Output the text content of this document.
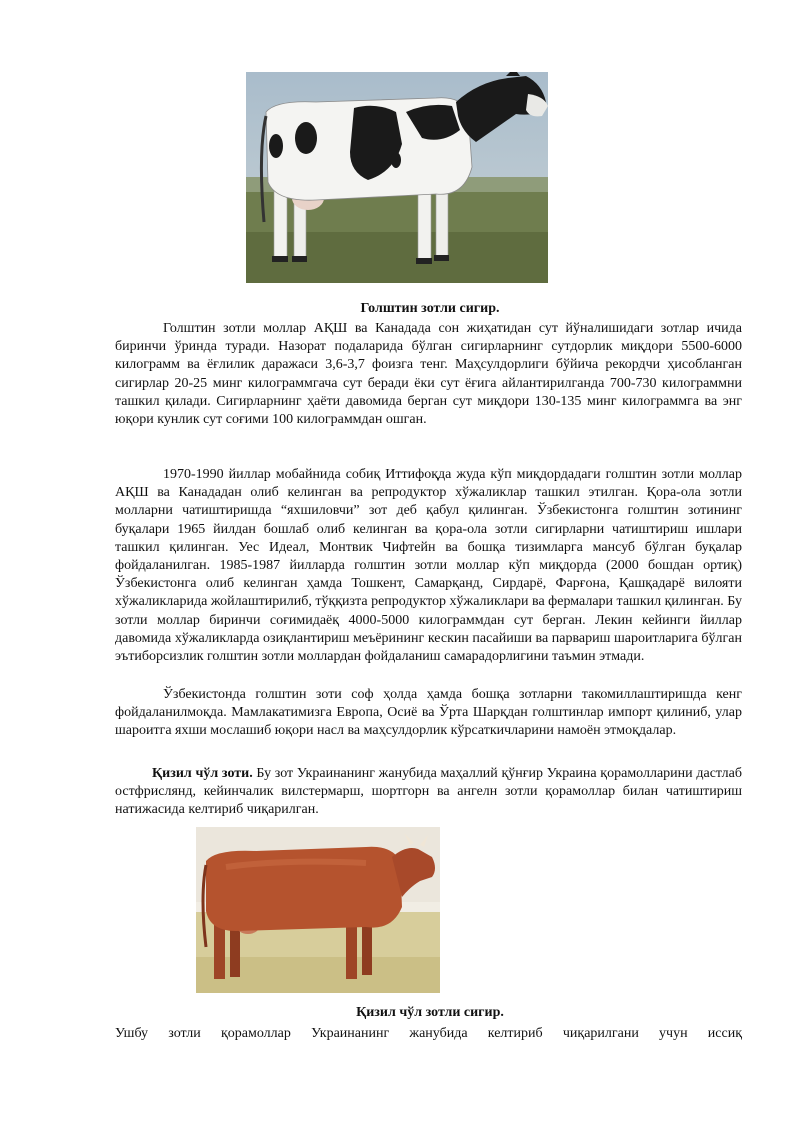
Голштин зотли сигир.

Голштин зотли моллар АҚШ ва Канадада сон жиҳатидан сут йўналишидаги зотлар ичида биринчи ўринда туради. Назорат подаларида бўлган сигирларнинг сутдорлик миқдори 5500-6000 килограмм ва ёғлилик даражаси 3,6-3,7 фоизга тенг. Маҳсулдорлиги бўйича рекордчи ҳисобланган сигирлар 20-25 минг килограммгача сут беради ёки сут ёғига айлантирилганда 700-730 килограммни ташкил қилади. Сигирларнинг ҳаёти давомида берган сут миқдори 130-135 минг килограммга ва энг юқори кунлик сут соғими 100 килограммдан ошган.

1970-1990 йиллар мобайнида собиқ Иттифоқда жуда кўп миқдордадаги голштин зотли моллар АҚШ ва Канададан олиб келинган ва репродуктор хўжаликлар ташкил этилган. Қора-ола зотли молларни чатиштиришда “яхшиловчи” зот деб қабул қилинган. Ўзбекистонга голштин зотининг буқалари 1965 йилдан бошлаб олиб келинган ва қора-ола зотли сигирларни чатиштириш ишлари ташкил қилинган. Уес Идеал, Монтвик Чифтейн ва бошқа тизимларга мансуб бўлган буқалар фойдаланилган. 1985-1987 йилларда голштин зотли моллар кўп миқдорда (2000 бошдан ортиқ) Ўзбекистонга олиб келинган ҳамда Тошкент, Самарқанд, Сирдарё, Фарғона, Қашқадарё вилояти хўжаликларида жойлаштирилиб, тўққизта репродуктор хўжаликлари ва фермалари ташкил қилинган. Бу зотли моллар биринчи соғимидаёқ 4000-5000 килограммдан сут берган. Лекин кейинги йиллар давомида хўжаликларда озиқлантириш меъёрининг кескин пасайиши ва парвариш шароитларига бўлган эътиборсизлик голштин зотли моллардан фойдаланиш самарадорлигини таъмин этмади.

Ўзбекистонда голштин зоти соф ҳолда ҳамда бошқа зотларни такомиллаштиришда кенг фойдаланилмоқда. Мамлакатимизга Европа, Осиё ва Ўрта Шарқдан голштинлар импорт қилиниб, улар шароитга яхши мослашиб юқори насл ва маҳсулдорлик кўрсаткичларини намоён этмоқдалар.

Қизил чўл зоти. Бу зот Украинанинг жанубида маҳаллий қўнғир Украина қорамолларини дастлаб остфрислянд, кейинчалик вилстермарш, шортгорн ва ангелн зотли қорамоллар билан чатиштириш натижасида келтириб чиқарилган.

Қизил чўл зотли сигир.

Ушбу зотли қорамоллар Украинанинг жанубида келтириб чиқарилгани учун иссиқ
